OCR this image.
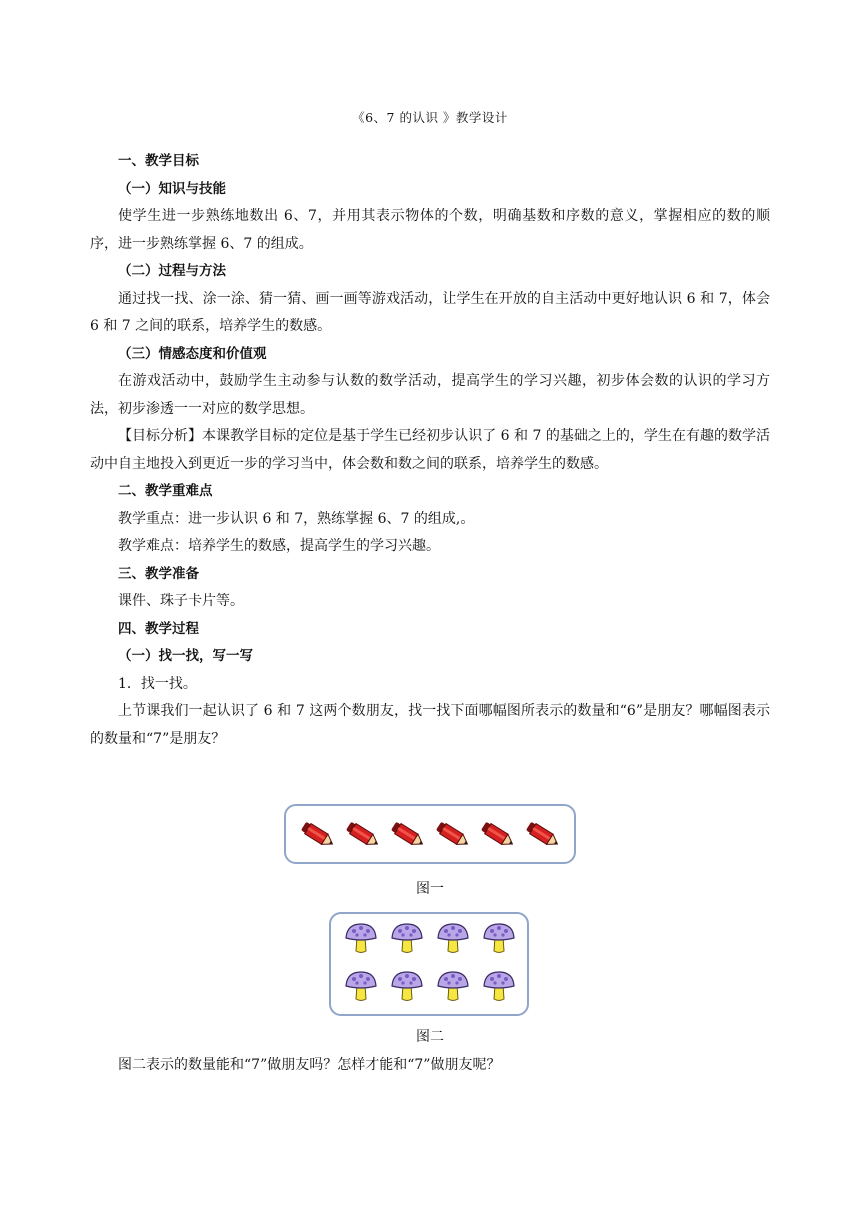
《6、7 的认识 》教学设计
一、教学目标
（一）知识与技能
使学生进一步熟练地数出 6、7，并用其表示物体的个数，明确基数和序数的意义，掌握相应的数的顺序，进一步熟练掌握 6、7 的组成。
（二）过程与方法
通过找一找、涂一涂、猜一猜、画一画等游戏活动，让学生在开放的自主活动中更好地认识 6 和 7，体会 6 和 7 之间的联系，培养学生的数感。
（三）情感态度和价值观
在游戏活动中，鼓励学生主动参与认数的数学活动，提高学生的学习兴趣，初步体会数的认识的学习方法，初步渗透一一对应的数学思想。
【目标分析】本课教学目标的定位是基于学生已经初步认识了 6 和 7 的基础之上的，学生在有趣的数学活动中自主地投入到更近一步的学习当中，体会数和数之间的联系，培养学生的数感。
二、教学重难点
教学重点：进一步认识 6 和 7，熟练掌握 6、7 的组成,。
教学难点：培养学生的数感，提高学生的学习兴趣。
三、教学准备
课件、珠子卡片等。
四、教学过程
（一）找一找，写一写
1．找一找。
上节课我们一起认识了 6 和 7 这两个数朋友，找一找下面哪幅图所表示的数量和“6”是朋友？哪幅图表示的数量和“7”是朋友？
图一
图二
图二表示的数量能和“7”做朋友吗？怎样才能和“7”做朋友呢？
